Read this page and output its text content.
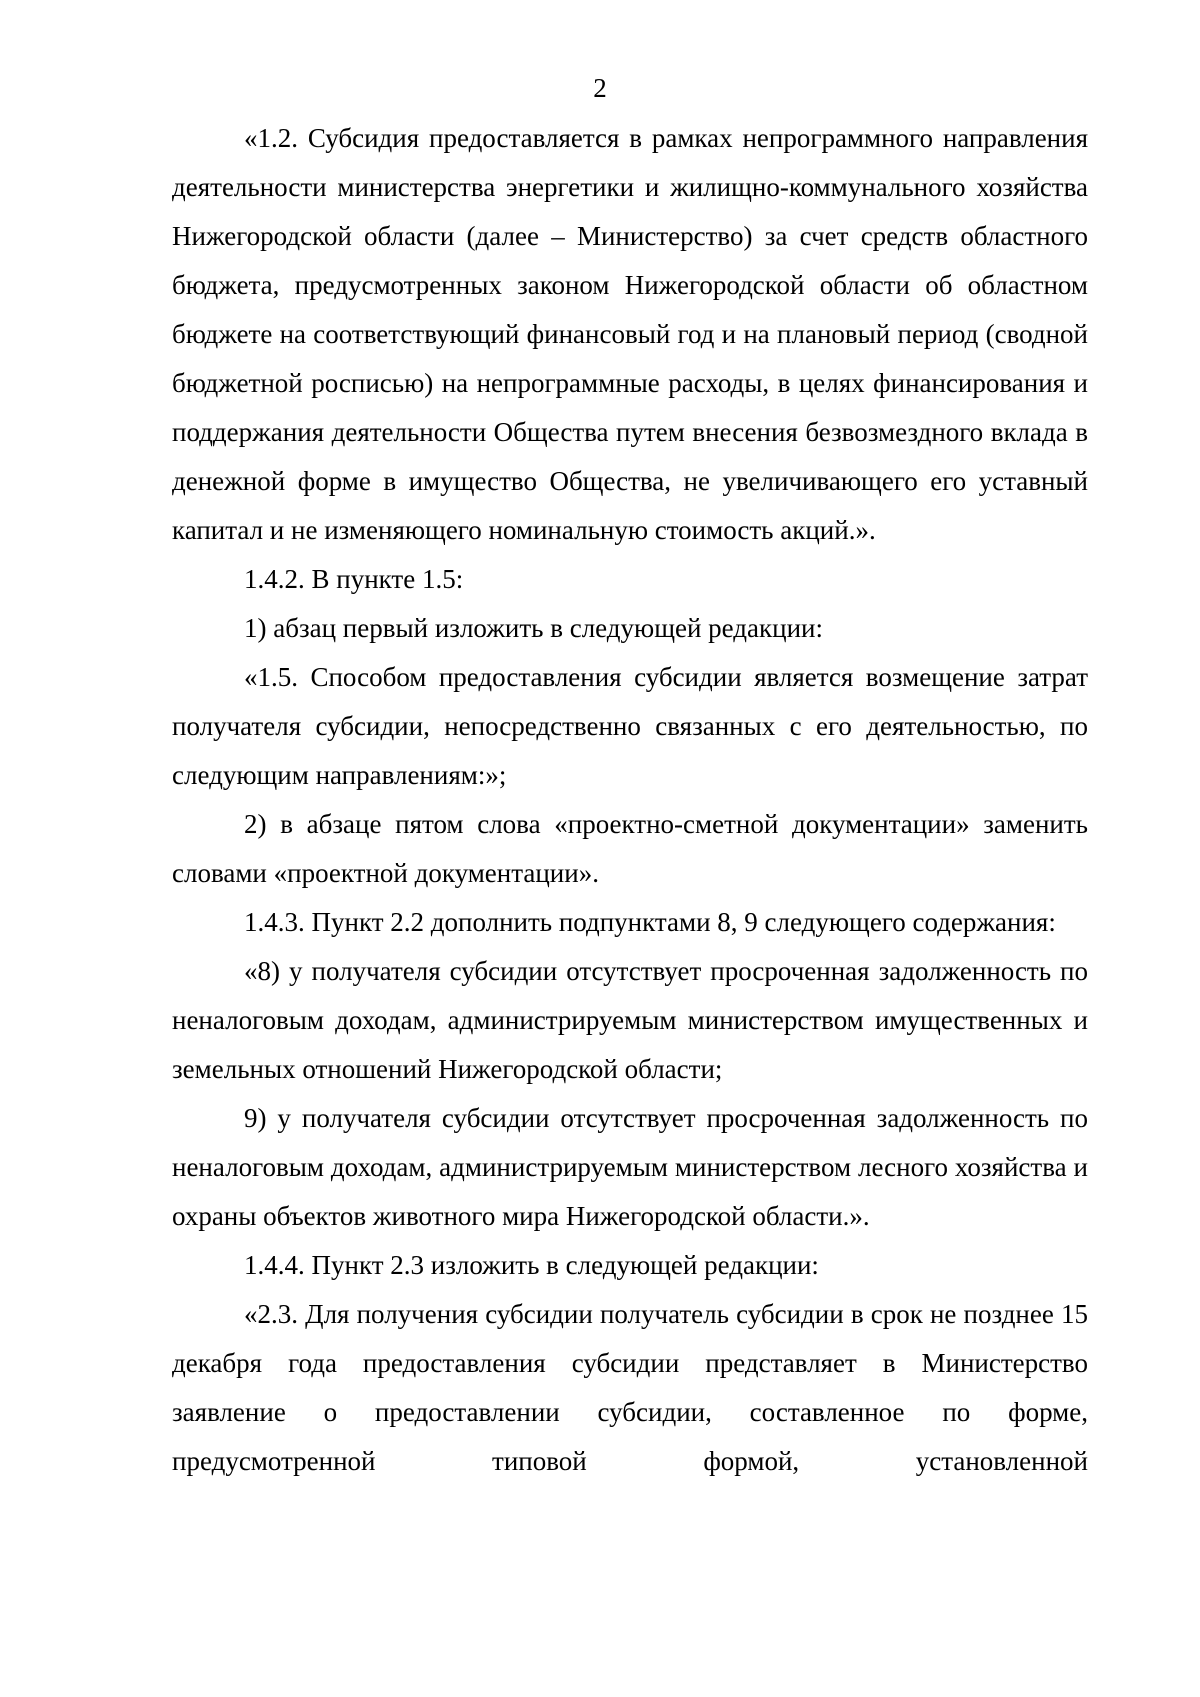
2

«1.2. Субсидия предоставляется в рамках непрограммного направления деятельности министерства энергетики и жилищно-коммунального хозяйства Нижегородской области (далее – Министерство) за счет средств областного бюджета, предусмотренных законом Нижегородской области об областном бюджете на соответствующий финансовый год и на плановый период (сводной бюджетной росписью) на непрограммные расходы, в целях финансирования и поддержания деятельности Общества путем внесения безвозмездного вклада в денежной форме в имущество Общества, не увеличивающего его уставный капитал и не изменяющего номинальную стоимость акций.».

1.4.2. В пункте 1.5:

1) абзац первый изложить в следующей редакции:

«1.5. Способом предоставления субсидии является возмещение затрат получателя субсидии, непосредственно связанных с его деятельностью, по следующим направлениям:»;

2) в абзаце пятом слова «проектно-сметной документации» заменить словами «проектной документации».

1.4.3. Пункт 2.2 дополнить подпунктами 8, 9 следующего содержания:

«8) у получателя субсидии отсутствует просроченная задолженность по неналоговым доходам, администрируемым министерством имущественных и земельных отношений Нижегородской области;

9) у получателя субсидии отсутствует просроченная задолженность по неналоговым доходам, администрируемым министерством лесного хозяйства и охраны объектов животного мира Нижегородской области.».

1.4.4. Пункт 2.3 изложить в следующей редакции:

«2.3. Для получения субсидии получатель субсидии в срок не позднее 15 декабря года предоставления субсидии представляет в Министерство заявление о предоставлении субсидии, составленное по форме, предусмотренной типовой формой, установленной
